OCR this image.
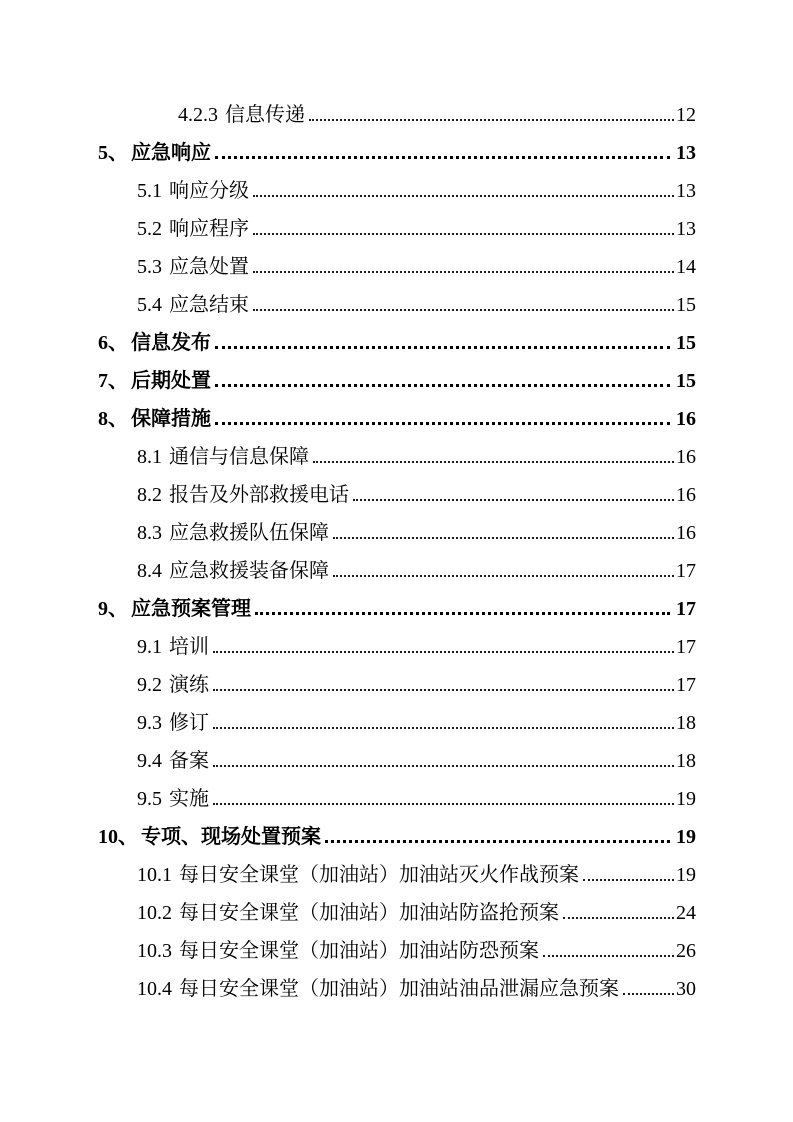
4.2.3 信息传递	12
5、 应急响应	13
5.1 响应分级	13
5.2 响应程序	13
5.3 应急处置	14
5.4 应急结束	15
6、 信息发布	15
7、 后期处置	15
8、 保障措施	16
8.1 通信与信息保障	16
8.2 报告及外部救援电话	16
8.3 应急救援队伍保障	16
8.4 应急救援装备保障	17
9、 应急预案管理	17
9.1 培训	17
9.2 演练	17
9.3 修订	18
9.4 备案	18
9.5 实施	19
10、 专项、现场处置预案	19
10.1 每日安全课堂（加油站）加油站灭火作战预案	19
10.2 每日安全课堂（加油站）加油站防盗抢预案	24
10.3 每日安全课堂（加油站）加油站防恐预案	26
10.4 每日安全课堂（加油站）加油站油品泄漏应急预案	30
